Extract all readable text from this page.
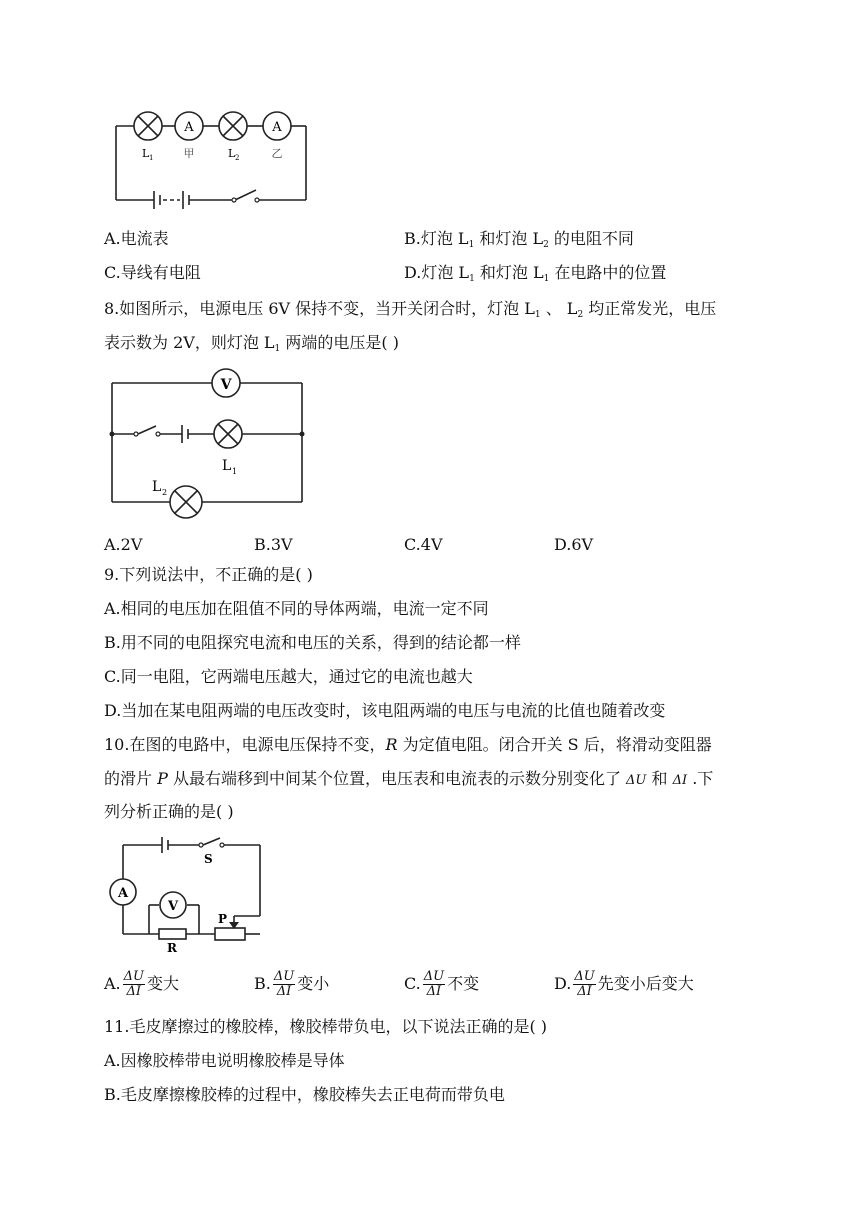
A	A
L 1	甲	L 2	乙
A.电流表	B.灯泡 $L_1$ 和灯泡 $L_2$ 的电阻不同
C.导线有电阻	D.灯泡 $L_1$ 和灯泡 $L_1$ 在电路中的位置
8.如图所示，电源电压 6V 保持不变，当开关闭合时，灯泡 $L_1$ 、 $L_2$ 均正常发光，电压
表示数为 2V，则灯泡 $L_1$ 两端的电压是( )
V
L 1
L 2
A.2V	B.3V	C.4V	D.6V
9.下列说法中，不正确的是( )
A.相同的电压加在阻值不同的导体两端，电流一定不同
B.用不同的电阻探究电流和电压的关系，得到的结论都一样
C.同一电阻，它两端电压越大，通过它的电流也越大
D.当加在某电阻两端的电压改变时，该电阻两端的电压与电流的比值也随着改变
10.在图的电路中，电源电压保持不变，R 为定值电阻。闭合开关 S 后，将滑动变阻器
的滑片 P 从最右端移到中间某个位置，电压表和电流表的示数分别变化了 ΔU 和 ΔI .下
列分析正确的是( )
S
A
V
P
R
A. $\frac{\Delta U}{\Delta I}$ 变大	B. $\frac{\Delta U}{\Delta I}$ 变小	C. $\frac{\Delta U}{\Delta I}$ 不变	D. $\frac{\Delta U}{\Delta I}$ 先变小后变大
11.毛皮摩擦过的橡胶棒，橡胶棒带负电，以下说法正确的是( )
A.因橡胶棒带电说明橡胶棒是导体
B.毛皮摩擦橡胶棒的过程中，橡胶棒失去正电荷而带负电
